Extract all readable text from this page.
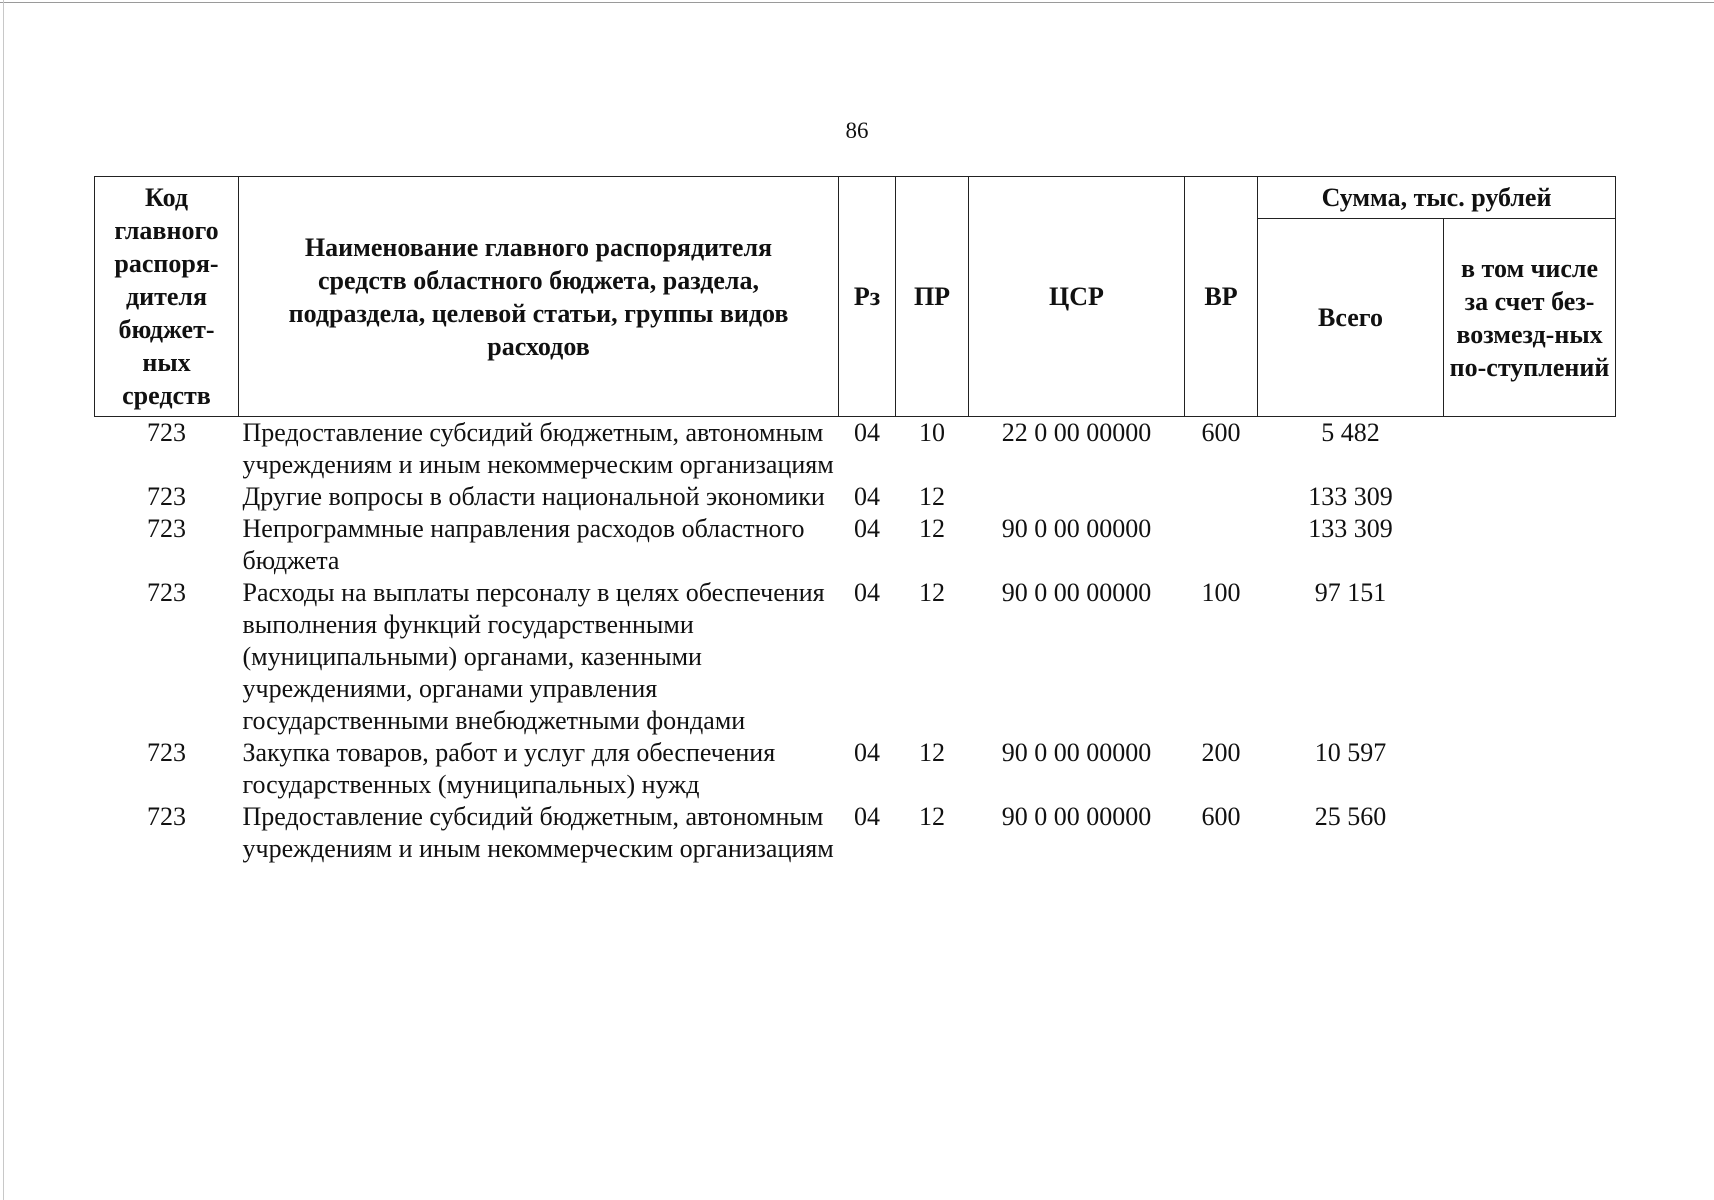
86
Код главного распоря-дителя бюджет-ных средств	Наименование главного распорядителя средств областного бюджета, раздела, подраздела, целевой статьи, группы видов расходов	Рз	ПР	ЦСР	ВР	Сумма, тыс. рублей	
						Всего	в том числе за счет без-возмезд-ных по-ступлений
723	Предоставление субсидий бюджетным, автономным учреждениям и иным некоммерческим организациям	04	10	22 0 00 00000	600	5 482	
723	Другие вопросы в области национальной экономики	04	12			133 309	
723	Непрограммные направления расходов областного бюджета	04	12	90 0 00 00000		133 309	
723	Расходы на выплаты персоналу в целях обеспечения выполнения функций государственными (муниципальными) органами, казенными учреждениями, органами управления государственными внебюджетными фондами	04	12	90 0 00 00000	100	97 151	
723	Закупка товаров, работ и услуг для обеспечения государственных (муниципальных) нужд	04	12	90 0 00 00000	200	10 597	
723	Предоставление субсидий бюджетным, автономным учреждениям и иным некоммерческим организациям	04	12	90 0 00 00000	600	25 560	
